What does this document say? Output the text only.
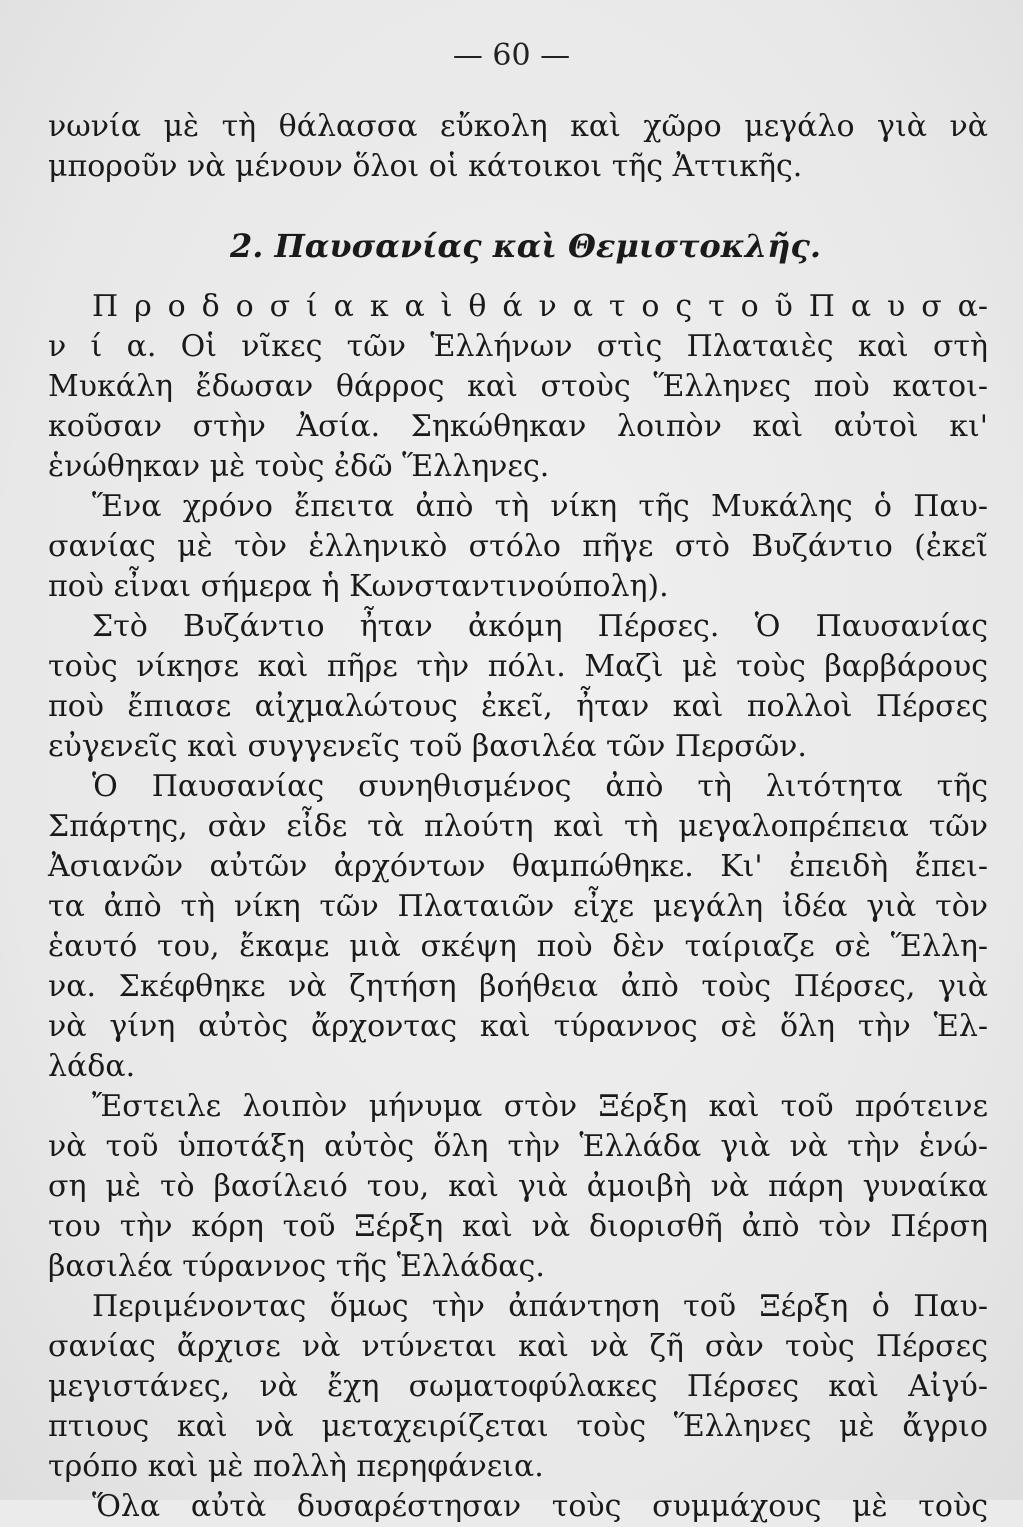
— 60 —
νωνία μὲ τὴ θάλασσα εὔκολη καὶ χῶρο μεγάλο γιὰ νὰ
μποροῦν νὰ μένουν ὅλοι οἱ κάτοικοι τῆς Ἀττικῆς.
2. Παυσανίας καὶ Θεμιστοκλῆς.
Π ρ ο δ ο σ ί α κ α ὶ θ ά ν α τ ο ς τ ο ῦ Π α υ σ α-
ν ί α. Οἱ νῖκες τῶν Ἑλλήνων στὶς Πλαταιὲς καὶ στὴ
Μυκάλη ἔδωσαν θάρρος καὶ στοὺς Ἕλληνες ποὺ κατοι-
κοῦσαν στὴν Ἀσία. Σηκώθηκαν λοιπὸν καὶ αὐτοὶ κι'
ἑνώθηκαν μὲ τοὺς ἐδῶ Ἕλληνες.
Ἕνα χρόνο ἔπειτα ἀπὸ τὴ νίκη τῆς Μυκάλης ὁ Παυ-
σανίας μὲ τὸν ἑλληνικὸ στόλο πῆγε στὸ Βυζάντιο (ἐκεῖ
ποὺ εἶναι σήμερα ἡ Κωνσταντινούπολη).
Στὸ Βυζάντιο ἦταν ἀκόμη Πέρσες. Ὁ Παυσανίας
τοὺς νίκησε καὶ πῆρε τὴν πόλι. Μαζὶ μὲ τοὺς βαρβάρους
ποὺ ἔπιασε αἰχμαλώτους ἐκεῖ, ἦταν καὶ πολλοὶ Πέρσες
εὐγενεῖς καὶ συγγενεῖς τοῦ βασιλέα τῶν Περσῶν.
Ὁ Παυσανίας συνηθισμένος ἀπὸ τὴ λιτότητα τῆς
Σπάρτης, σὰν εἶδε τὰ πλούτη καὶ τὴ μεγαλοπρέπεια τῶν
Ἀσιανῶν αὐτῶν ἀρχόντων θαμπώθηκε. Κι' ἐπειδὴ ἔπει-
τα ἀπὸ τὴ νίκη τῶν Πλαταιῶν εἶχε μεγάλη ἰδέα γιὰ τὸν
ἑαυτό του, ἔκαμε μιὰ σκέψη ποὺ δὲν ταίριαζε σὲ Ἕλλη-
να. Σκέφθηκε νὰ ζητήση βοήθεια ἀπὸ τοὺς Πέρσες, γιὰ
νὰ γίνη αὐτὸς ἄρχοντας καὶ τύραννος σὲ ὅλη τὴν Ἑλ-
λάδα.
Ἔστειλε λοιπὸν μήνυμα στὸν Ξέρξη καὶ τοῦ πρότεινε
νὰ τοῦ ὑποτάξη αὐτὸς ὅλη τὴν Ἑλλάδα γιὰ νὰ τὴν ἑνώ-
ση μὲ τὸ βασίλειό του, καὶ γιὰ ἀμοιβὴ νὰ πάρη γυναίκα
του τὴν κόρη τοῦ Ξέρξη καὶ νὰ διορισθῆ ἀπὸ τὸν Πέρση
βασιλέα τύραννος τῆς Ἑλλάδας.
Περιμένοντας ὅμως τὴν ἀπάντηση τοῦ Ξέρξη ὁ Παυ-
σανίας ἄρχισε νὰ ντύνεται καὶ νὰ ζῆ σὰν τοὺς Πέρσες
μεγιστάνες, νὰ ἔχη σωματοφύλακες Πέρσες καὶ Αἰγύ-
πτιους καὶ νὰ μεταχειρίζεται τοὺς Ἕλληνες μὲ ἄγριο
τρόπο καὶ μὲ πολλὴ περηφάνεια.
Ὅλα αὐτὰ δυσαρέστησαν τοὺς συμμάχους μὲ τοὺς
